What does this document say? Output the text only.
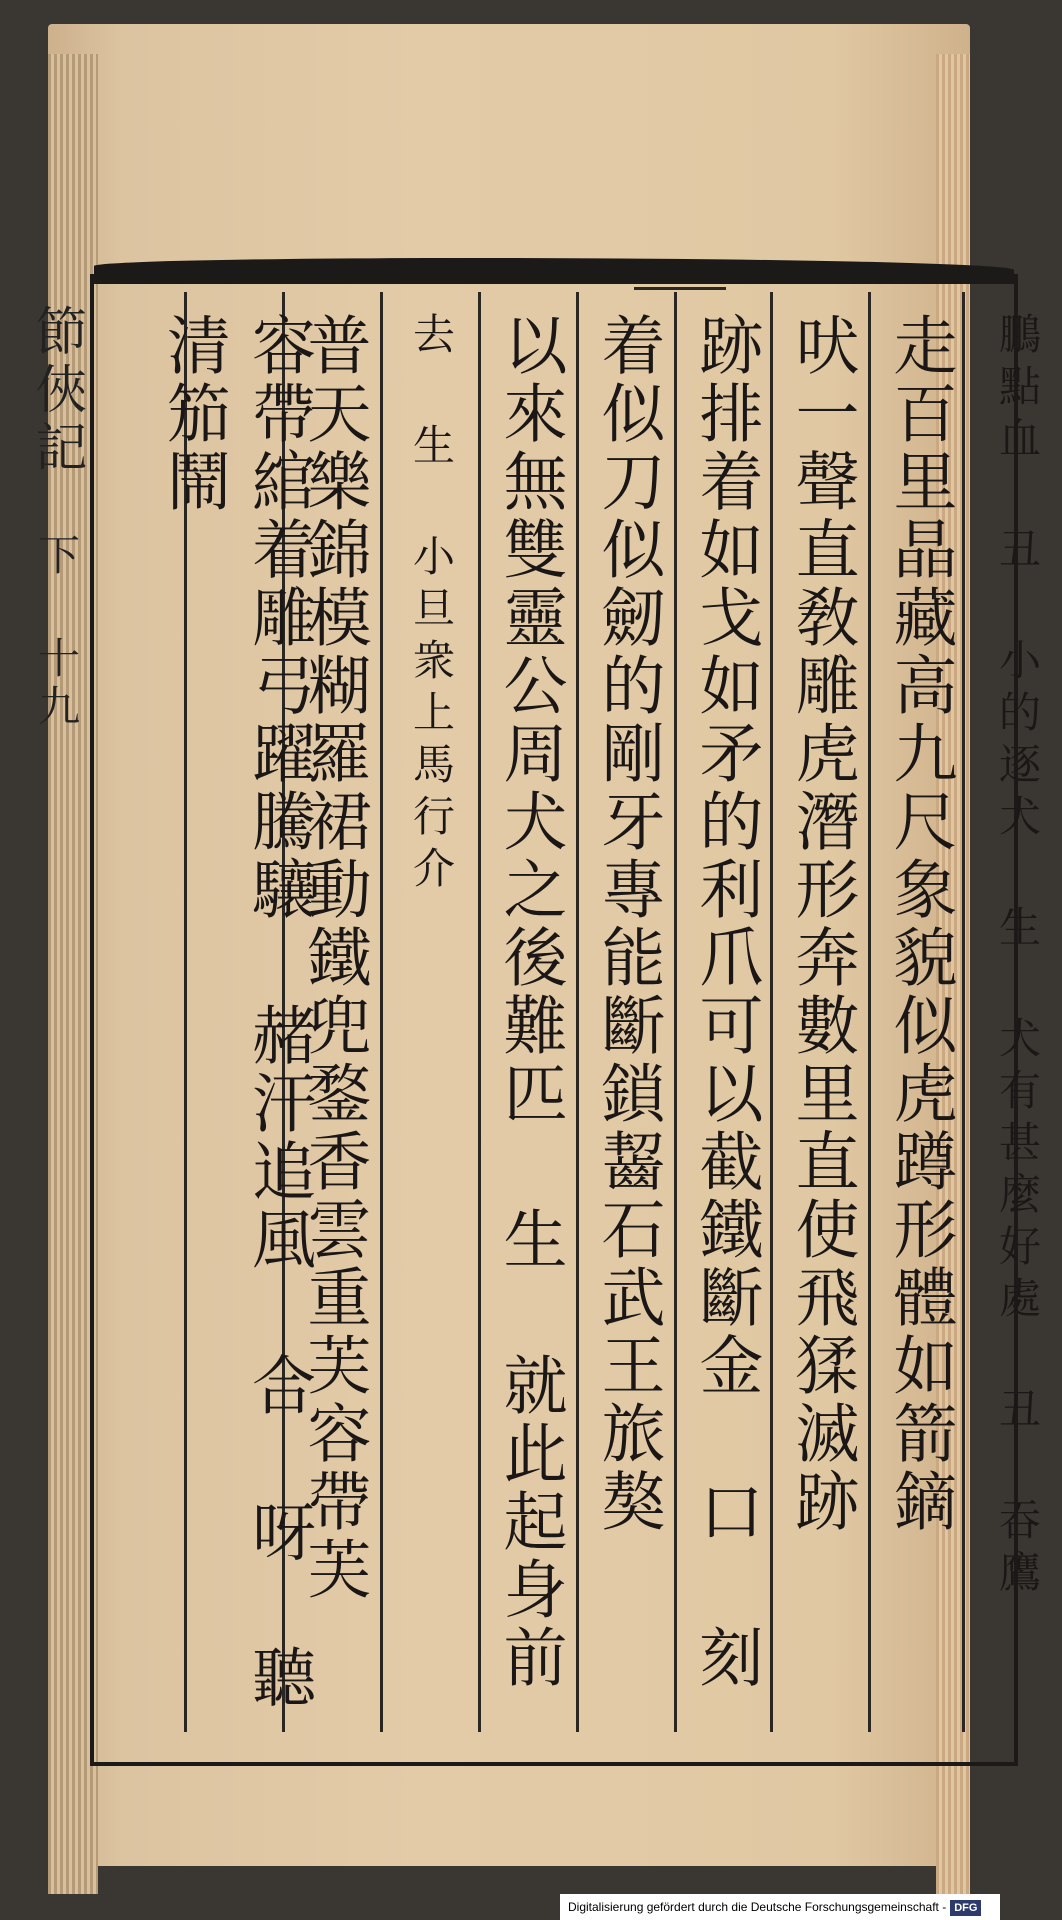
節俠記 下 十九	鵬點血 丑 小的逐犬 生 犬有甚麼好處 丑 吞鷹
走百里晶藏高九尺象貌似虎蹲形體如箭鏑
吠一聲直敎雕虎潛形奔數里直使飛猱滅跡
跡排着如戈如矛的利爪可以截鐵斷金 口 刻
着似刀似劒的剛牙專能斷鎖齧石武王旅獒
以來無雙靈公周犬之後難匹 生 就此起身前
去 生 小旦衆上馬行介
普天樂錦模糊羅裙動鐵兜鍪香雲重芙容帶芙
容帶綰着雕弓躍騰驤 赭汗追風 合 呀 聽清笳鬧
Digitalisierung gefördert durch die Deutsche Forschungsgemeinschaft - DFG
